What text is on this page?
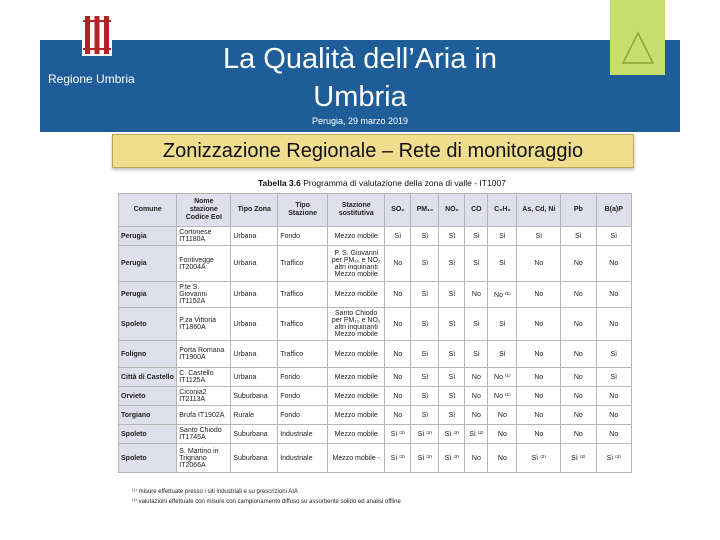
Regione Umbria
La Qualità dell’Aria in Umbria
Perugia, 29 marzo 2019
Zonizzazione Regionale – Rete di monitoraggio
Tabella 3.6 Programma di valutazione della zona di valle - IT1007
Comune	Nome stazione Codice EoI	Tipo Zona	Tipo Stazione	Stazione sostitutiva	SO₂	PM₁₀	NO₂	CO	C₆H₆	As, Cd, Ni	Pb	B(a)P
Perugia	Cortonese IT1180A	Urbana	Fondo	Mezzo mobile	Sì	Sì	Sì	Sì	Sì	Sì	Sì	Sì
Perugia	Fontivegge IT2004A	Urbana	Traffico	P. S. Giovanni per PM₁₀ e NO₂ altri inquinanti Mezzo mobile	No	Sì	Sì	Sì	Sì	No	No	No
Perugia	P.te S. Giovanni IT1152A	Urbana	Traffico	Mezzo mobile	No	Sì	Sì	No	No ⁽¹⁾	No	No	No
Spoleto	P.za Vittoria IT1860A	Urbana	Traffico	Santo Chiodo per PM₁₀ e NO₂ altri inquinanti Mezzo mobile	No	Sì	Sì	Sì	Sì	No	No	No
Foligno	Porta Romana IT1900A	Urbana	Traffico	Mezzo mobile	No	Sì	Sì	Sì	Sì	No	No	Sì
Città di Castello	C. Castello IT1125A	Urbana	Fondo	Mezzo mobile	No	Sì	Sì	No	No ⁽¹⁾	No	No	Sì
Orvieto	Ciconia2 IT2113A	Suburbana	Fondo	Mezzo mobile	No	Sì	Sì	No	No ⁽¹⁾	No	No	No
Torgiano	Brufa IT1902A	Rurale	Fondo	Mezzo mobile	No	Sì	Sì	No	No	No	No	No
Spoleto	Santo Chiodo IT1745A	Suburbana	Industriale	Mezzo mobile	Sì ⁽²⁾	Sì ⁽²⁾	Sì ⁽²⁾	Sì ⁽²⁾	No	No	No	No
Spoleto	S. Martino in Trignano IT2066A	Suburbana	Industriale	Mezzo mobile -	Sì ⁽²⁾	Sì ⁽²⁾	Sì ⁽²⁾	No	No	Sì ⁽²⁾	Sì ⁽²⁾	Sì ⁽²⁾
⁽¹⁾ misure effettuate presso i siti industriali e su prescrizioni AIA
⁽²⁾ valutazioni effettuate con misure con campionamento diffuso su assorbente solido ed analisi offline
